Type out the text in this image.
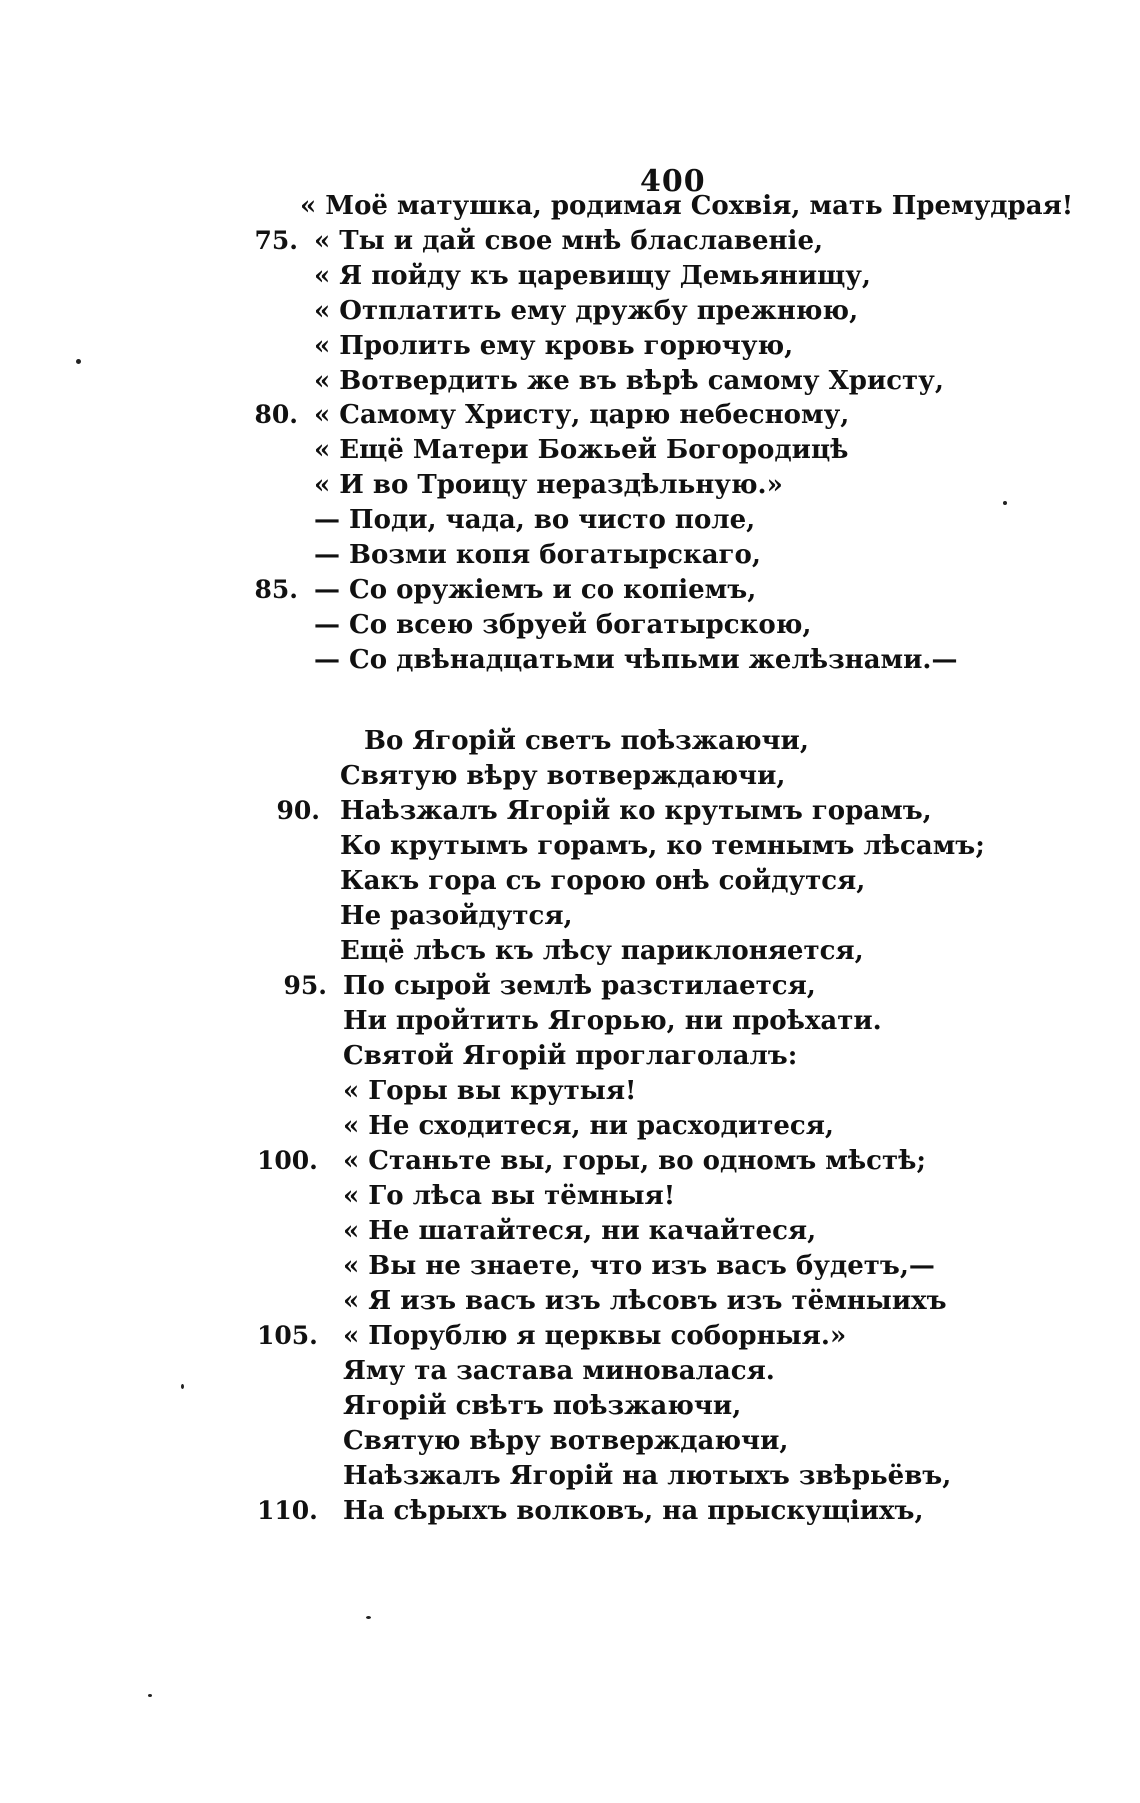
400
« Моё матушка, родимая Сохвія, мать Премудрая!
75. « Ты и дай свое мнѣ блаславеніе,
« Я пойду къ царевищу Демьянищу,
« Отплатить ему дружбу прежнюю,
« Пролить ему кровь горючую,
« Вотвердить же въ вѣрѣ самому Христу,
80. « Самому Христу, царю небесному,
« Ещё Матери Божьей Богородицѣ
« И во Троицу нераздѣльную.»
— Поди, чада, во чисто поле,
— Возми копя богатырскаго,
85. — Со оружіемъ и со копіемъ,
— Со всею збруей богатырскою,
— Со двѣнадцатьми чѣпьми желѣзнами.—
Во Ягорій светъ поѣзжаючи,
Святую вѣру вотверждаючи,
90. Наѣзжалъ Ягорій ко крутымъ горамъ,
Ко крутымъ горамъ, ко темнымъ лѣсамъ;
Какъ гора съ горою онѣ сойдутся,
Не разойдутся,
Ещё лѣсъ къ лѣсу париклоняется,
95. По сырой землѣ разстилается,
Ни пройтить Ягорью, ни проѣхати.
Святой Ягорій проглаголалъ:
« Горы вы крутыя!
« Не сходитеся, ни расходитеся,
100. « Станьте вы, горы, во одномъ мѣстѣ;
« Го лѣса вы тёмныя!
« Не шатайтеся, ни качайтеся,
« Вы не знаете, что изъ васъ будетъ,—
« Я изъ васъ изъ лѣсовъ изъ тёмныихъ
105. « Порублю я церквы соборныя.»
Яму та застава миновалася.
Ягорій свѣтъ поѣзжаючи,
Святую вѣру вотверждаючи,
Наѣзжалъ Ягорій на лютыхъ звѣрьёвъ,
110. На сѣрыхъ волковъ, на прыскущіихъ,
